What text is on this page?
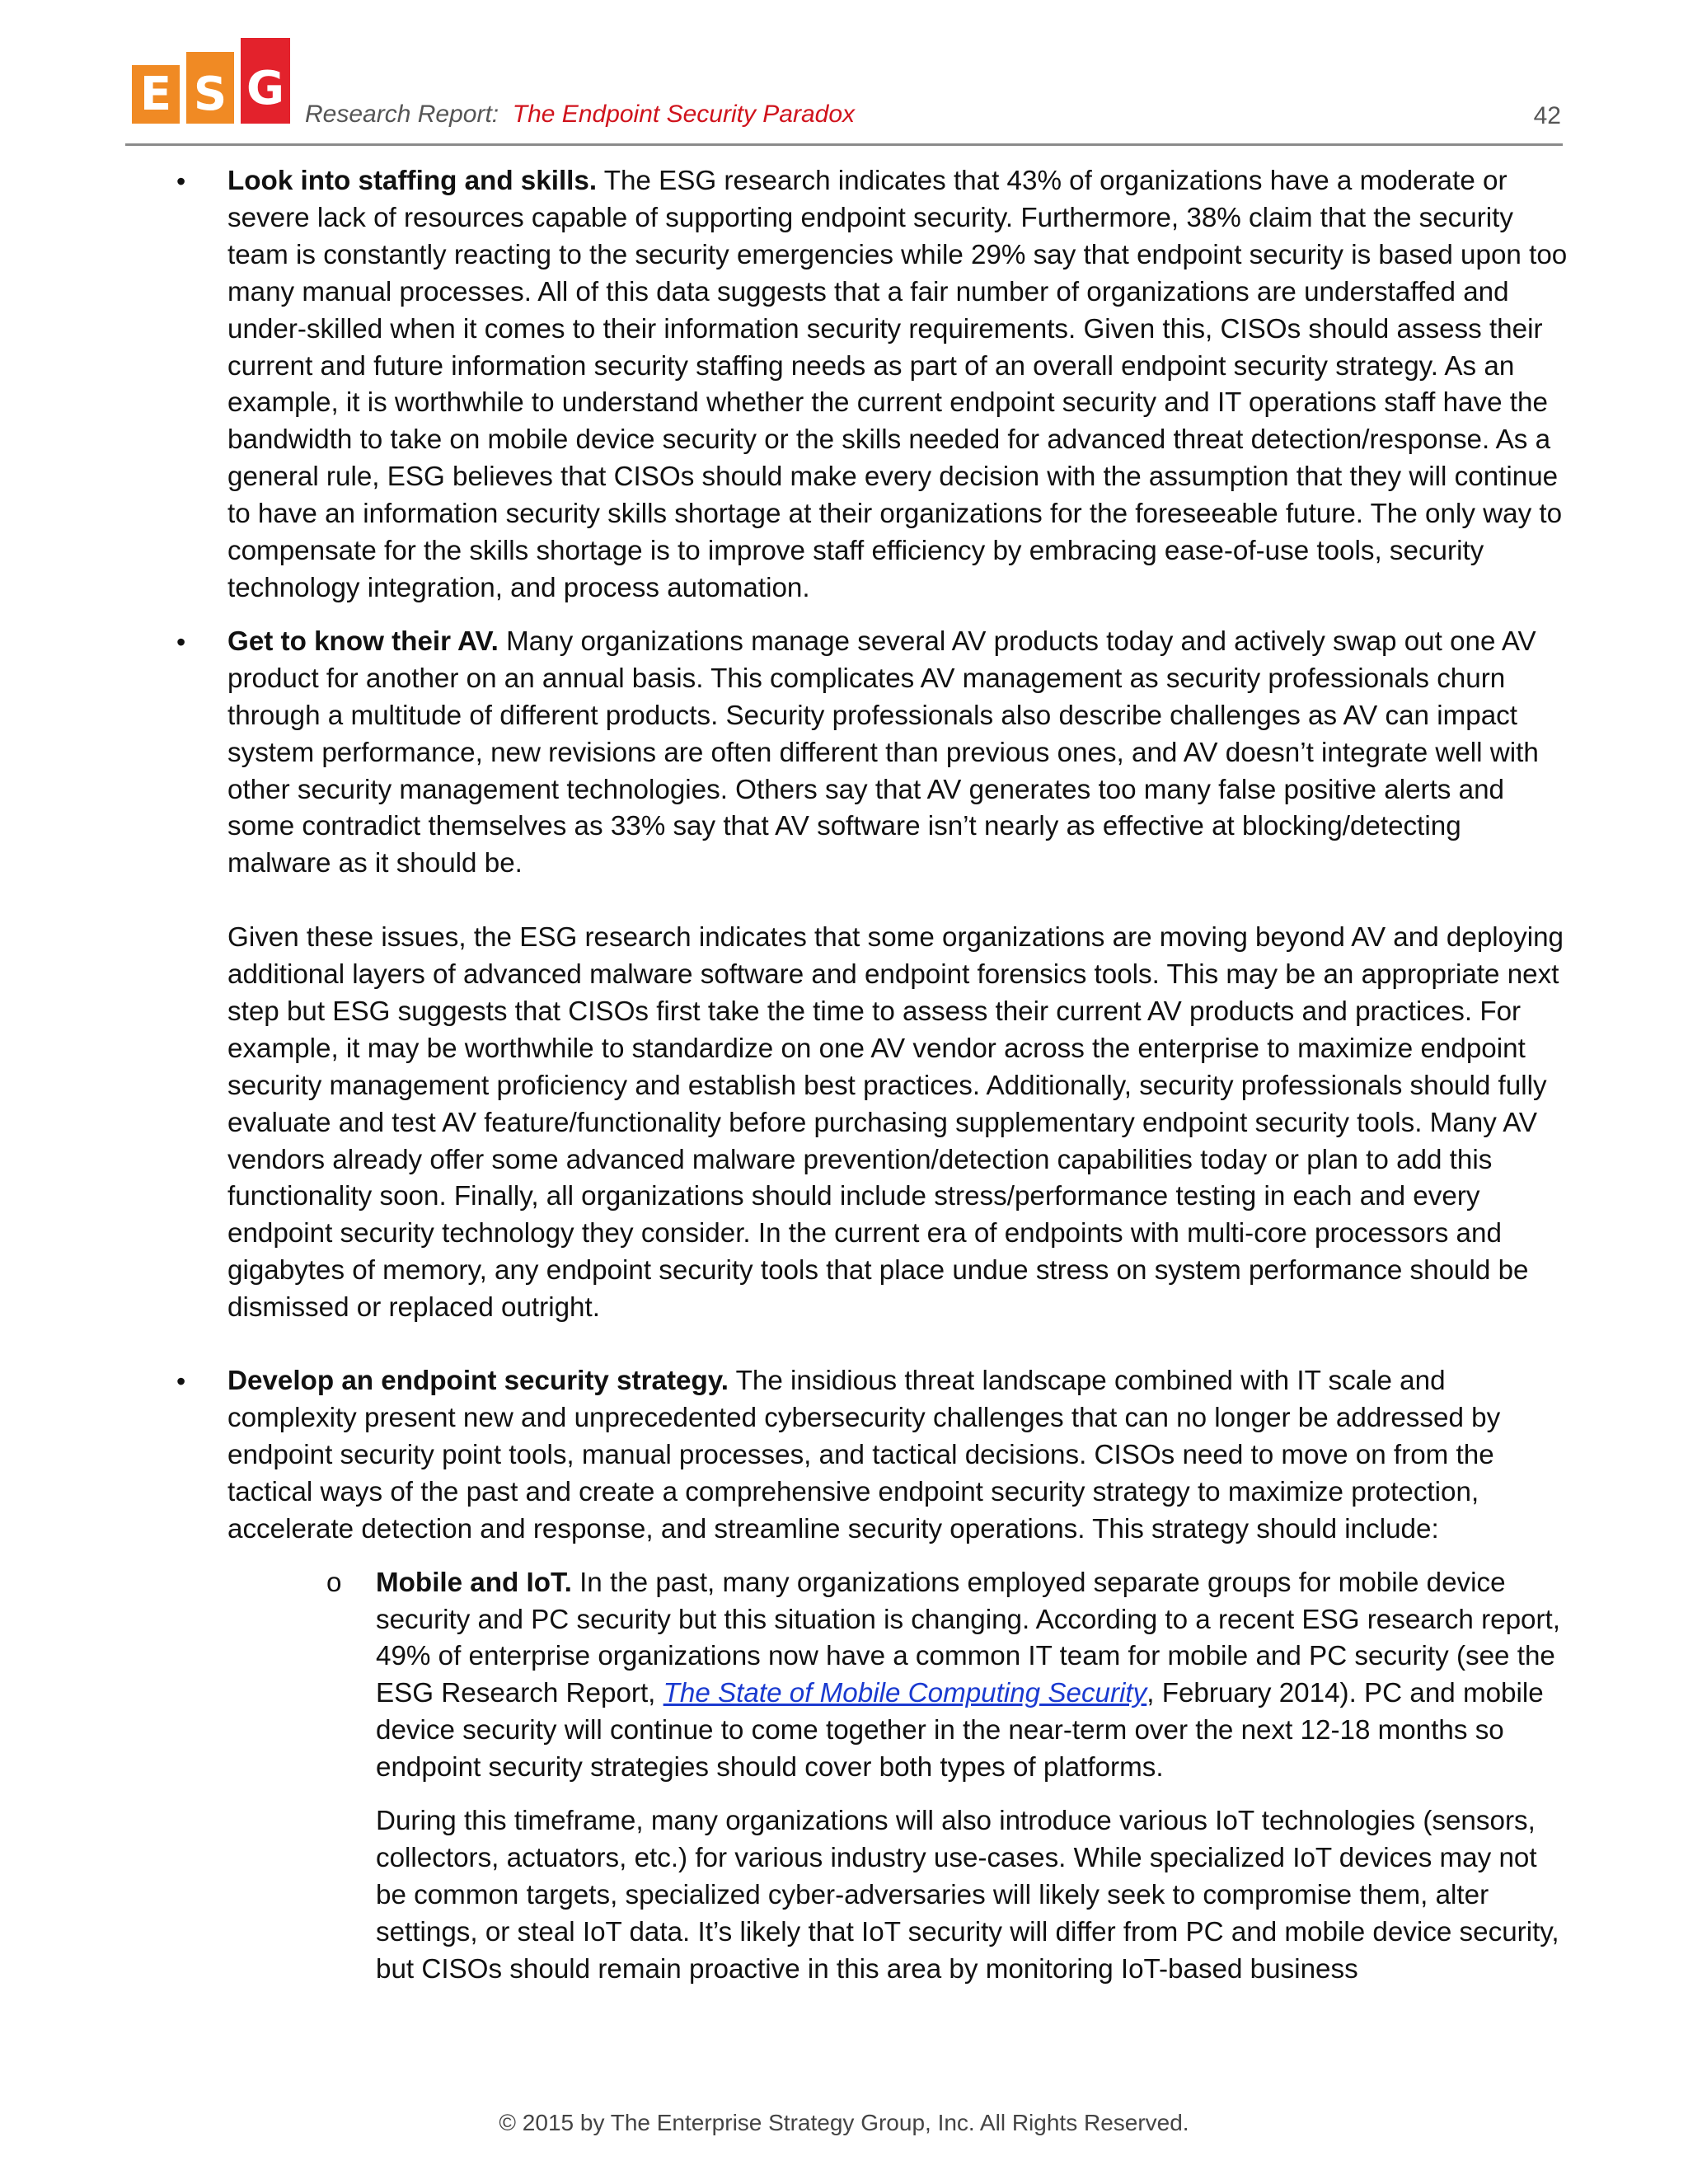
E S G Research Report: The Endpoint Security Paradox	42

• Look into staffing and skills. The ESG research indicates that 43% of organizations have a moderate or severe lack of resources capable of supporting endpoint security. Furthermore, 38% claim that the security team is constantly reacting to the security emergencies while 29% say that endpoint security is based upon too many manual processes. All of this data suggests that a fair number of organizations are understaffed and under-skilled when it comes to their information security requirements. Given this, CISOs should assess their current and future information security staffing needs as part of an overall endpoint security strategy. As an example, it is worthwhile to understand whether the current endpoint security and IT operations staff have the bandwidth to take on mobile device security or the skills needed for advanced threat detection/response. As a general rule, ESG believes that CISOs should make every decision with the assumption that they will continue to have an information security skills shortage at their organizations for the foreseeable future. The only way to compensate for the skills shortage is to improve staff efficiency by embracing ease-of-use tools, security technology integration, and process automation.

• Get to know their AV. Many organizations manage several AV products today and actively swap out one AV product for another on an annual basis. This complicates AV management as security professionals churn through a multitude of different products. Security professionals also describe challenges as AV can impact system performance, new revisions are often different than previous ones, and AV doesn’t integrate well with other security management technologies. Others say that AV generates too many false positive alerts and some contradict themselves as 33% say that AV software isn’t nearly as effective at blocking/detecting malware as it should be.

Given these issues, the ESG research indicates that some organizations are moving beyond AV and deploying additional layers of advanced malware software and endpoint forensics tools. This may be an appropriate next step but ESG suggests that CISOs first take the time to assess their current AV products and practices. For example, it may be worthwhile to standardize on one AV vendor across the enterprise to maximize endpoint security management proficiency and establish best practices. Additionally, security professionals should fully evaluate and test AV feature/functionality before purchasing supplementary endpoint security tools. Many AV vendors already offer some advanced malware prevention/detection capabilities today or plan to add this functionality soon. Finally, all organizations should include stress/performance testing in each and every endpoint security technology they consider. In the current era of endpoints with multi-core processors and gigabytes of memory, any endpoint security tools that place undue stress on system performance should be dismissed or replaced outright.

• Develop an endpoint security strategy. The insidious threat landscape combined with IT scale and complexity present new and unprecedented cybersecurity challenges that can no longer be addressed by endpoint security point tools, manual processes, and tactical decisions. CISOs need to move on from the tactical ways of the past and create a comprehensive endpoint security strategy to maximize protection, accelerate detection and response, and streamline security operations. This strategy should include:

o Mobile and IoT. In the past, many organizations employed separate groups for mobile device security and PC security but this situation is changing. According to a recent ESG research report, 49% of enterprise organizations now have a common IT team for mobile and PC security (see the ESG Research Report, The State of Mobile Computing Security, February 2014). PC and mobile device security will continue to come together in the near-term over the next 12-18 months so endpoint security strategies should cover both types of platforms.

During this timeframe, many organizations will also introduce various IoT technologies (sensors, collectors, actuators, etc.) for various industry use-cases. While specialized IoT devices may not be common targets, specialized cyber-adversaries will likely seek to compromise them, alter settings, or steal IoT data. It’s likely that IoT security will differ from PC and mobile device security, but CISOs should remain proactive in this area by monitoring IoT-based business

© 2015 by The Enterprise Strategy Group, Inc. All Rights Reserved.
